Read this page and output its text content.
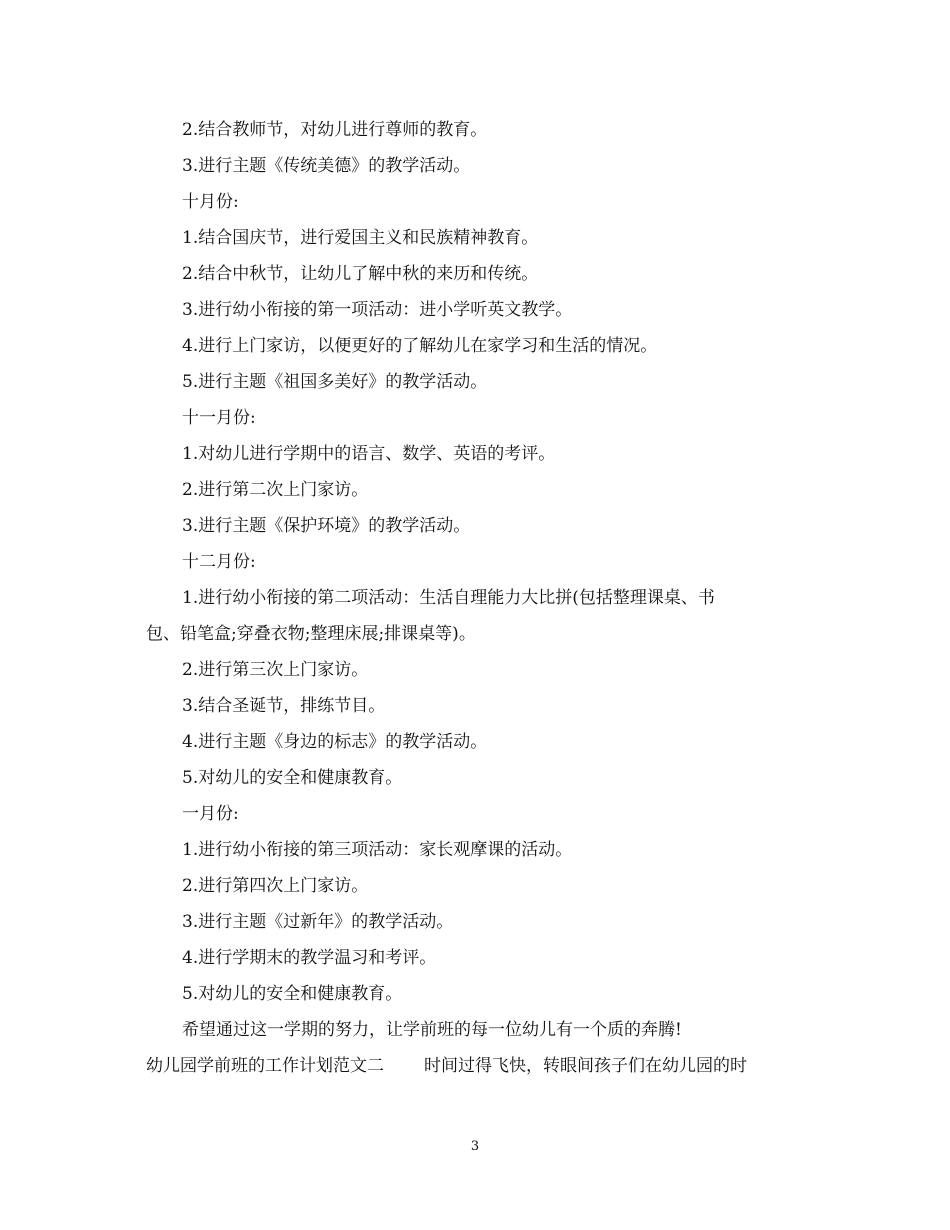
2.结合教师节，对幼儿进行尊师的教育。
3.进行主题《传统美德》的教学活动。
十月份:
1.结合国庆节，进行爱国主义和民族精神教育。
2.结合中秋节，让幼儿了解中秋的来历和传统。
3.进行幼小衔接的第一项活动：进小学听英文教学。
4.进行上门家访，以便更好的了解幼儿在家学习和生活的情况。
5.进行主题《祖国多美好》的教学活动。
十一月份:
1.对幼儿进行学期中的语言、数学、英语的考评。
2.进行第二次上门家访。
3.进行主题《保护环境》的教学活动。
十二月份:
1.进行幼小衔接的第二项活动：生活自理能力大比拼(包括整理课桌、书
包、铅笔盒;穿叠衣物;整理床展;排课桌等)。
2.进行第三次上门家访。
3.结合圣诞节，排练节目。
4.进行主题《身边的标志》的教学活动。
5.对幼儿的安全和健康教育。
一月份:
1.进行幼小衔接的第三项活动：家长观摩课的活动。
2.进行第四次上门家访。
3.进行主题《过新年》的教学活动。
4.进行学期末的教学温习和考评。
5.对幼儿的安全和健康教育。
希望通过这一学期的努力，让学前班的每一位幼儿有一个质的奔腾!
幼儿园学前班的工作计划范文二 时间过得飞快，转眼间孩子们在幼儿园的时
3
